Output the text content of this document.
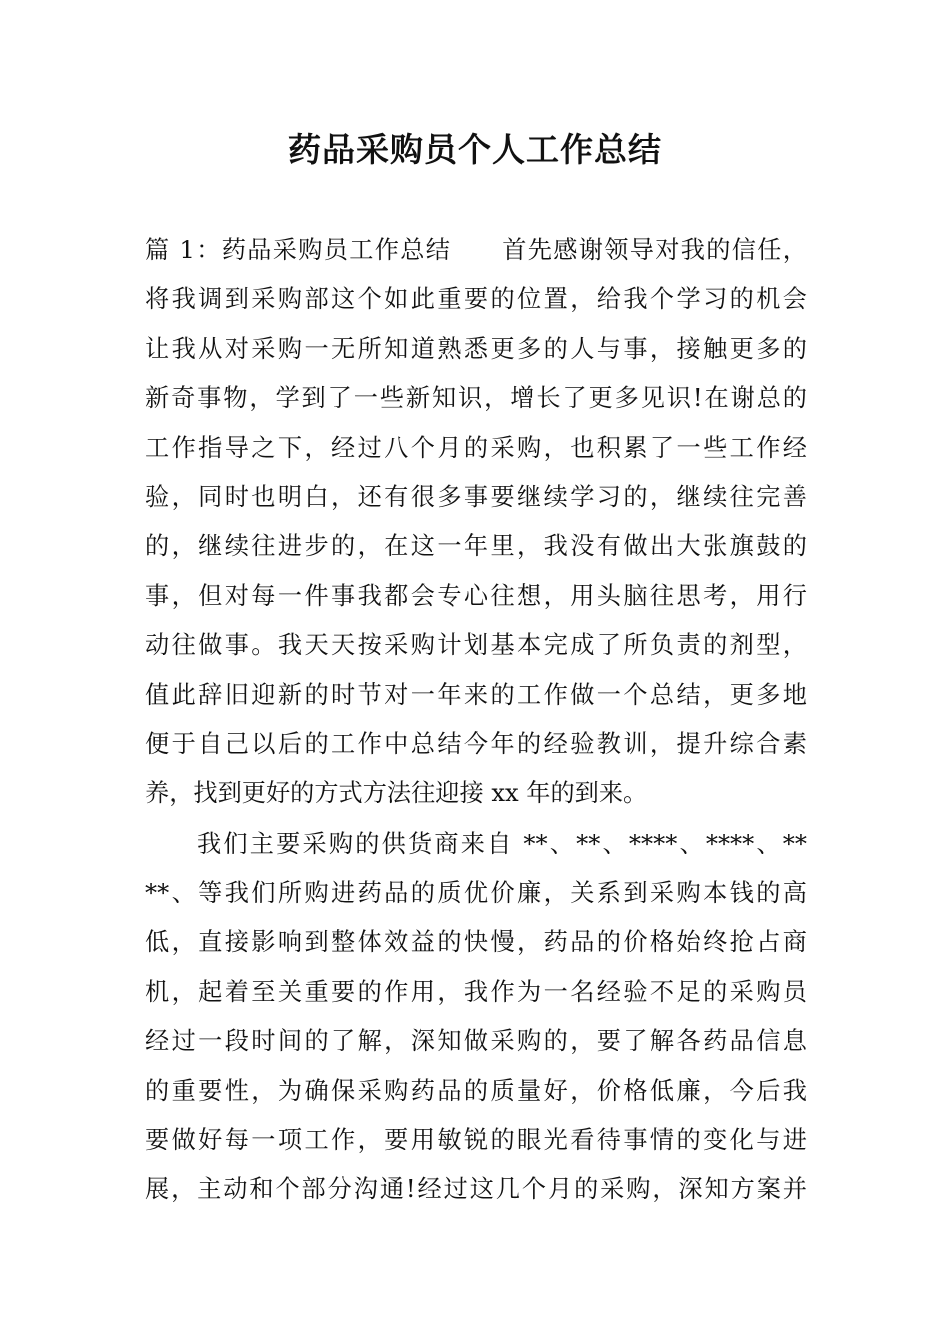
药品采购员个人工作总结
篇 1：药品采购员工作总结　　首先感谢领导对我的信任，
将我调到采购部这个如此重要的位置，给我个学习的机会
让我从对采购一无所知道熟悉更多的人与事，接触更多的
新奇事物，学到了一些新知识，增长了更多见识!在谢总的
工作指导之下，经过八个月的采购，也积累了一些工作经
验，同时也明白，还有很多事要继续学习的，继续往完善
的，继续往进步的，在这一年里，我没有做出大张旗鼓的
事，但对每一件事我都会专心往想，用头脑往思考，用行
动往做事。我天天按采购计划基本完成了所负责的剂型，
值此辞旧迎新的时节对一年来的工作做一个总结，更多地
便于自己以后的工作中总结今年的经验教训，提升综合素
养，找到更好的方式方法往迎接 xx 年的到来。
我们主要采购的供货商来自 **、**、****、****、**
**、等我们所购进药品的质优价廉，关系到采购本钱的高
低，直接影响到整体效益的快慢，药品的价格始终抢占商
机，起着至关重要的作用，我作为一名经验不足的采购员
经过一段时间的了解，深知做采购的，要了解各药品信息
的重要性，为确保采购药品的质量好，价格低廉，今后我
要做好每一项工作，要用敏锐的眼光看待事情的变化与进
展，主动和个部分沟通!经过这几个月的采购，深知方案并
